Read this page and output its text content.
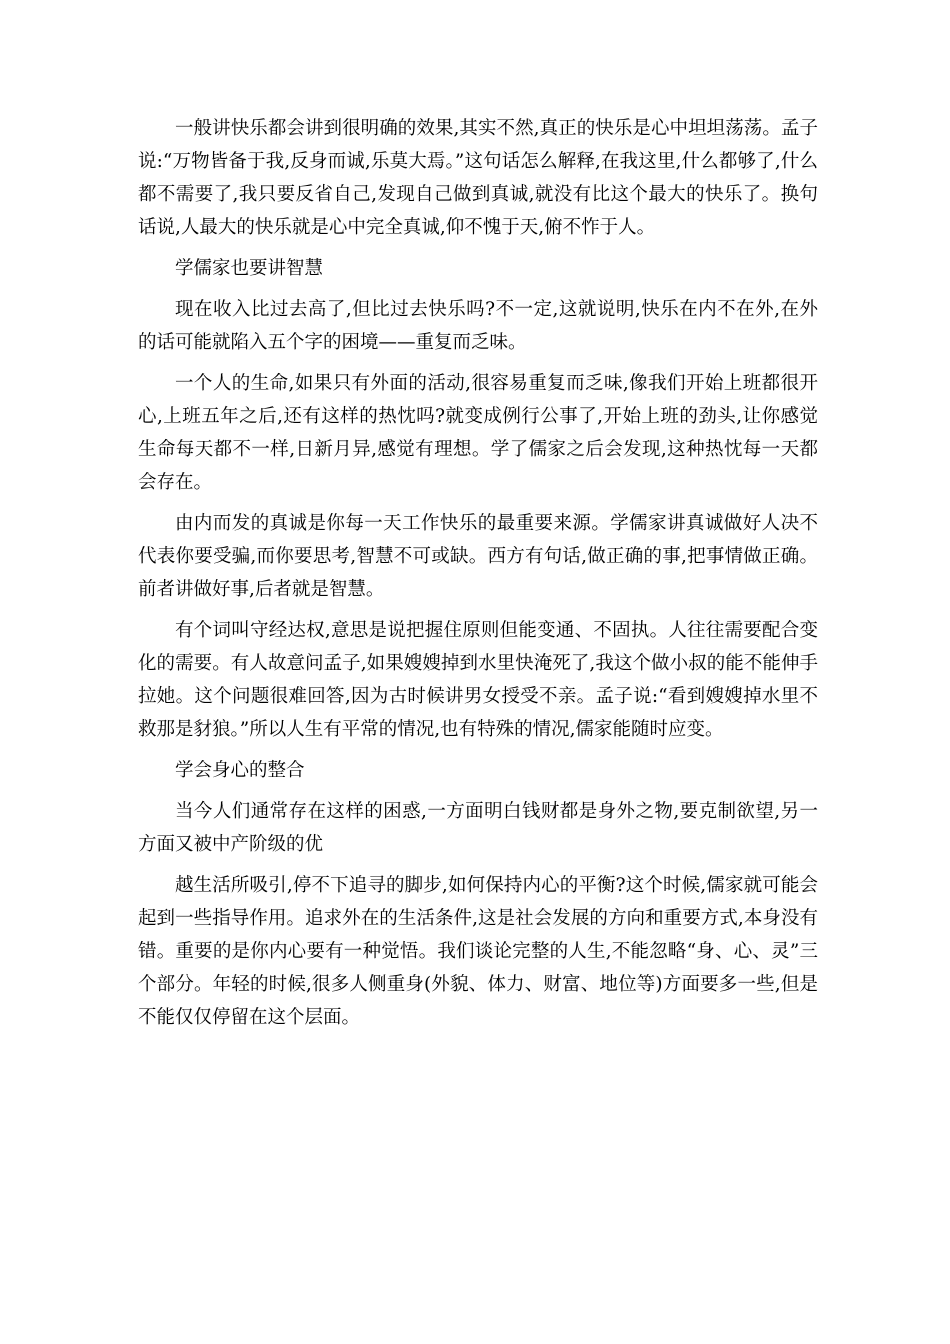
一般讲快乐都会讲到很明确的效果,其实不然,真正的快乐是心中坦坦荡荡。孟子说:“万物皆备于我,反身而诚,乐莫大焉。”这句话怎么解释,在我这里,什么都够了,什么都不需要了,我只要反省自己,发现自己做到真诚,就没有比这个最大的快乐了。换句话说,人最大的快乐就是心中完全真诚,仰不愧于天,俯不怍于人。

学儒家也要讲智慧

现在收入比过去高了,但比过去快乐吗?不一定,这就说明,快乐在内不在外,在外的话可能就陷入五个字的困境——重复而乏味。

一个人的生命,如果只有外面的活动,很容易重复而乏味,像我们开始上班都很开心,上班五年之后,还有这样的热忱吗?就变成例行公事了,开始上班的劲头,让你感觉生命每天都不一样,日新月异,感觉有理想。学了儒家之后会发现,这种热忱每一天都会存在。

由内而发的真诚是你每一天工作快乐的最重要来源。学儒家讲真诚做好人决不代表你要受骗,而你要思考,智慧不可或缺。西方有句话,做正确的事,把事情做正确。前者讲做好事,后者就是智慧。

有个词叫守经达权,意思是说把握住原则但能变通、不固执。人往往需要配合变化的需要。有人故意问孟子,如果嫂嫂掉到水里快淹死了,我这个做小叔的能不能伸手拉她。这个问题很难回答,因为古时候讲男女授受不亲。孟子说:“看到嫂嫂掉水里不救那是豺狼。”所以人生有平常的情况,也有特殊的情况,儒家能随时应变。

学会身心的整合

当今人们通常存在这样的困惑,一方面明白钱财都是身外之物,要克制欲望,另一方面又被中产阶级的优

越生活所吸引,停不下追寻的脚步,如何保持内心的平衡?这个时候,儒家就可能会起到一些指导作用。追求外在的生活条件,这是社会发展的方向和重要方式,本身没有错。重要的是你内心要有一种觉悟。我们谈论完整的人生,不能忽略“身、心、灵”三个部分。年轻的时候,很多人侧重身(外貌、体力、财富、地位等)方面要多一些,但是不能仅仅停留在这个层面。
